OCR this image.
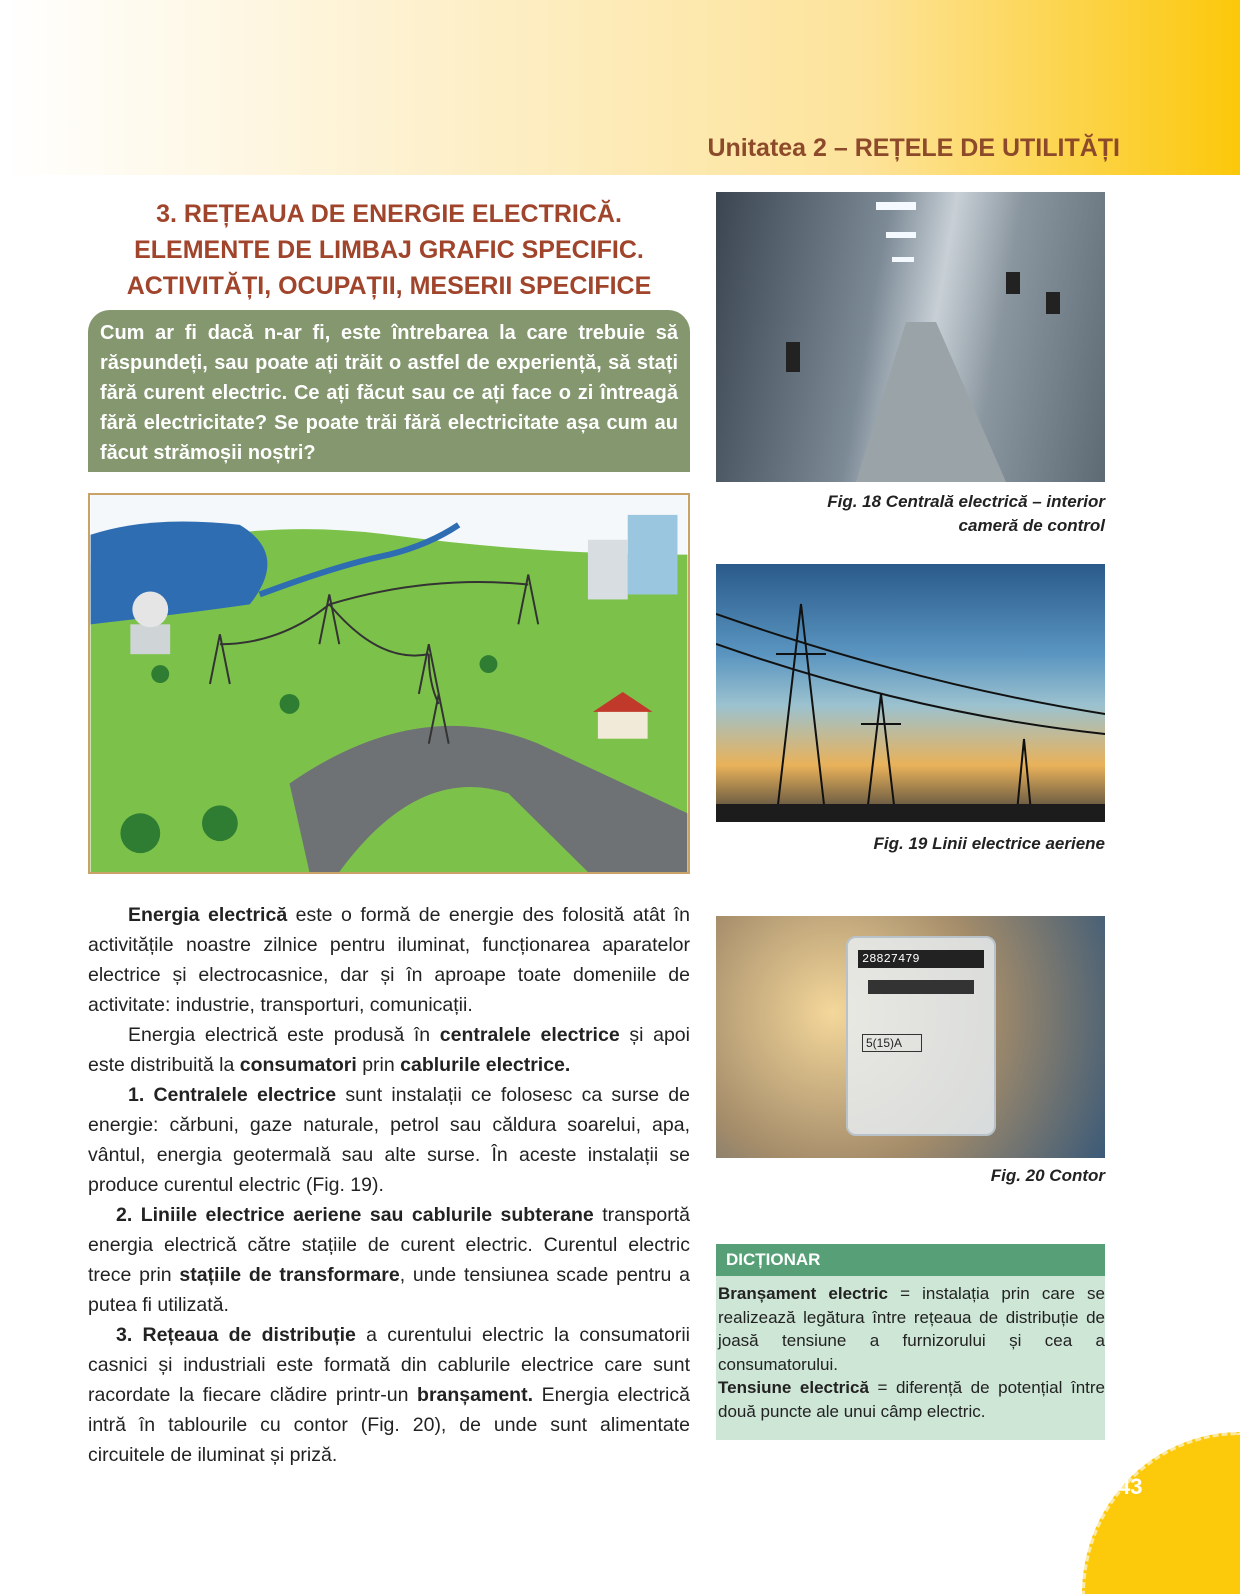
Unitatea 2 – REȚELE DE UTILITĂȚI
3. REȚEAUA DE ENERGIE ELECTRICĂ.
ELEMENTE DE LIMBAJ GRAFIC SPECIFIC.
ACTIVITĂȚI, OCUPAȚII, MESERII SPECIFICE
Cum ar fi dacă n-ar fi, este întrebarea la care trebuie să răspundeți, sau poate ați trăit o astfel de experiență, să stați fără curent electric. Ce ați făcut sau ce ați face o zi întreagă fără electricitate? Se poate trăi fără electricitate așa cum au făcut strămoșii noștri?

Energia electrică este o formă de energie des folosită atât în activitățile noastre zilnice pentru iluminat, funcționarea aparatelor electrice și electrocasnice, dar și în aproape toate domeniile de activitate: industrie, transporturi, comunicații.

Energia electrică este produsă în centralele electrice și apoi este distribuită la consumatori prin cablurile electrice.

1. Centralele electrice sunt instalații ce folosesc ca surse de energie: cărbuni, gaze naturale, petrol sau căldura soarelui, apa, vântul, energia geotermală sau alte surse. În aceste instalații se produce curentul electric (Fig. 19).

2. Liniile electrice aeriene sau cablurile subterane transportă energia electrică către stațiile de curent electric. Curentul electric trece prin stațiile de transformare, unde tensiunea scade pentru a putea fi utilizată.

3. Rețeaua de distribuție a curentului electric la consumatorii casnici și industriali este formată din cablurile electrice care sunt racordate la fiecare clădire printr-un branșament. Energia electrică intră în tablourile cu contor (Fig. 20), de unde sunt alimentate circuitele de iluminat și priză.

Fig. 18 Centrală electrică – interior
cameră de control
Fig. 19 Linii electrice aeriene
28827479
5(15)A
Fig. 20 Contor
DICȚIONAR
Branșament electric = instalația prin care se realizează legătura între rețeaua de distribuție de joasă tensiune a furnizorului și cea a consumatorului.
Tensiune electrică = diferență de potențial între două puncte ale unui câmp electric.
43
